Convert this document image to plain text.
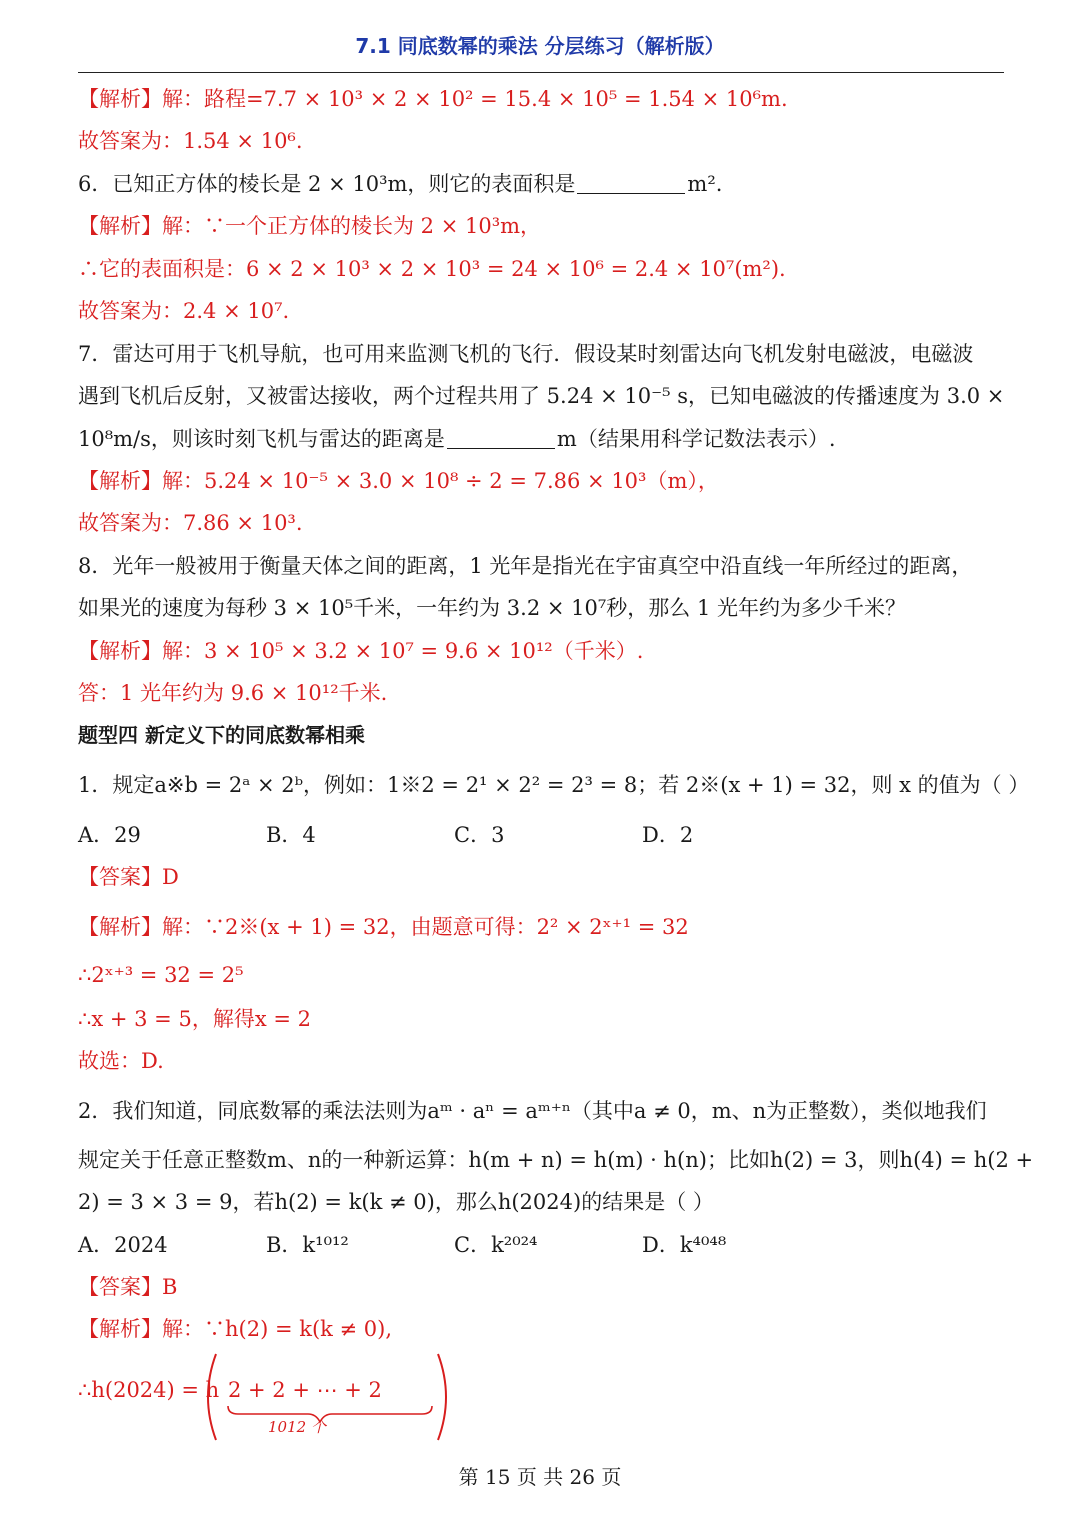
7.1 同底数幂的乘法 分层练习（解析版）
【解析】解：路程=7.7 × 10³ × 2 × 10² = 15.4 × 10⁵ = 1.54 × 10⁶m.
故答案为：1.54 × 10⁶.
6．已知正方体的棱长是 2 × 10³m，则它的表面积是	m².
【解析】解：∵一个正方体的棱长为 2 × 10³m，
∴它的表面积是：6 × 2 × 10³ × 2 × 10³ = 24 × 10⁶ = 2.4 × 10⁷(m²).
故答案为：2.4 × 10⁷.
7．雷达可用于飞机导航，也可用来监测飞机的飞行．假设某时刻雷达向飞机发射电磁波，电磁波
遇到飞机后反射，又被雷达接收，两个过程共用了 5.24 × 10⁻⁵ s，已知电磁波的传播速度为 3.0 ×
10⁸m/s，则该时刻飞机与雷达的距离是	m（结果用科学记数法表示）.
【解析】解：5.24 × 10⁻⁵ × 3.0 × 10⁸ ÷ 2 = 7.86 × 10³（m），
故答案为：7.86 × 10³.
8．光年一般被用于衡量天体之间的距离，1 光年是指光在宇宙真空中沿直线一年所经过的距离，
如果光的速度为每秒 3 × 10⁵千米，一年约为 3.2 × 10⁷秒，那么 1 光年约为多少千米？
【解析】解：3 × 10⁵ × 3.2 × 10⁷ = 9.6 × 10¹²（千米）.
答：1 光年约为 9.6 × 10¹²千米.
题型四 新定义下的同底数幂相乘
1．规定a※b = 2ᵃ × 2ᵇ，例如：1※2 = 2¹ × 2² = 2³ = 8；若 2※(x + 1) = 32，则 x 的值为（ ）
A．29	B．4	C．3	D．2
【答案】D
【解析】解：∵2※(x + 1) = 32，由题意可得：2² × 2ˣ⁺¹ = 32
∴2ˣ⁺³ = 32 = 2⁵
∴x + 3 = 5，解得x = 2
故选：D.
2．我们知道，同底数幂的乘法法则为aᵐ · aⁿ = aᵐ⁺ⁿ（其中a ≠ 0，m、n为正整数），类似地我们
规定关于任意正整数m、n的一种新运算：h(m + n) = h(m) · h(n)；比如h(2) = 3，则h(4) = h(2 +
2) = 3 × 3 = 9，若h(2) = k(k ≠ 0)，那么h(2024)的结果是（ ）
A．2024	B．k¹⁰¹²	C．k²⁰²⁴	D．k⁴⁰⁴⁸
【答案】B
【解析】解：∵h(2) = k(k ≠ 0),
∴h(2024) = h 2 + 2 + ⋯ + 2
1012 个
第 15 页 共 26 页
